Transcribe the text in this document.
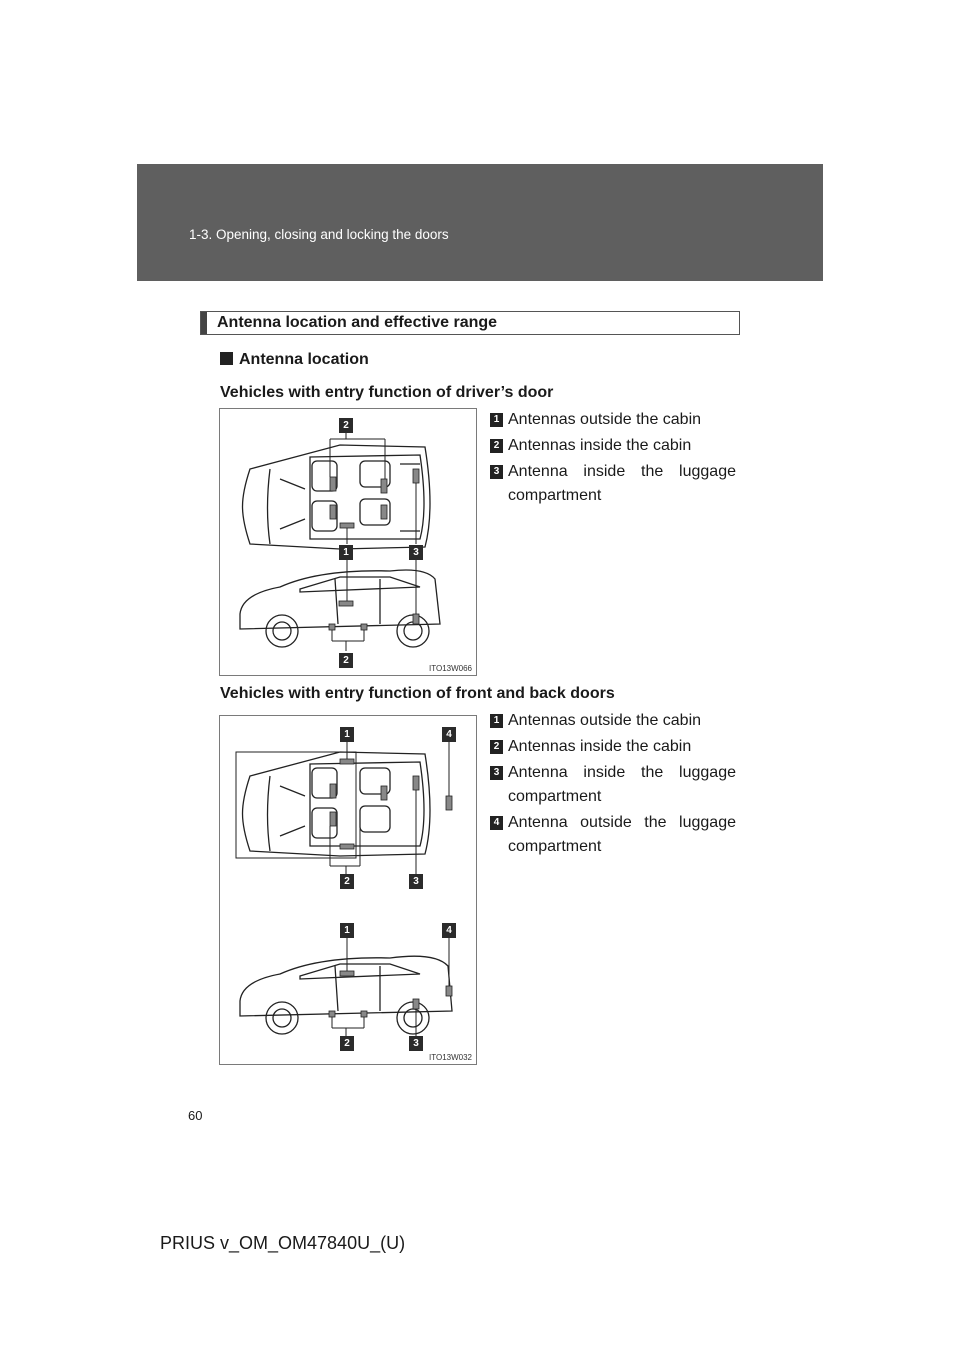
1-3. Opening, closing and locking the doors
Antenna location and effective range
Antenna location
Vehicles with entry function of driver’s door
2
1	3
2
ITO13W066
1 Antennas outside the cabin
2 Antennas inside the cabin
3 Antenna inside the luggage compartment
Vehicles with entry function of front and back doors
1	4
2	3
1	4
2	3
ITO13W032
1 Antennas outside the cabin
2 Antennas inside the cabin
3 Antenna inside the luggage compartment
4 Antenna outside the luggage compartment
60
PRIUS v_OM_OM47840U_(U)
